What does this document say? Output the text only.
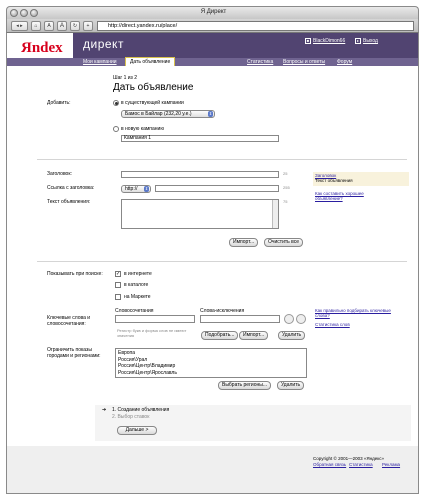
Я Директ
◂ ▸	⌂	A	A	↻	+	http://direct.yandex.ru/place/
Яndex директ	■ BlackDimon66	▸ Выход
Мои кампании	Дать объявление	Статистика Вопросы и ответы Форум
Шаг 1 из 2
Дать объявление
Добавить:	в существующей кампании
Бамос в Байлар (232,20 у.е.)	⇕
в новую кампанию
Кампания 1
Заголовок:	25
Ссылка с заголовка:	http:// ⇕	255
Текст объявления:	75
Импорт...	Очистить все
Заголовок
Текст объявления
Как составить хорошее объявление?
Показывать при поиске:	✓ в интернете
в каталоге
на Маркете
Ключевые слова и словосочетания:
Словосочетания	Слова-исключения
Регистр букв и форма слов не имеют значения	Подобрать...	Импорт...	Удалить
Как правильно подбирать ключевые слова?
Статистика слов
Ограничить показы городами и регионами:	Европа
Россия\Урал
Россия\Центр\Владимир
Россия\Центр\Ярославль
Выбрать регионы...	Удалить
➔ 1. Создание объявления
2. Выбор ставок
Дальше >
Copyright © 2001—2003 «Яндекс»
Обратная связь Статистика Реклама
